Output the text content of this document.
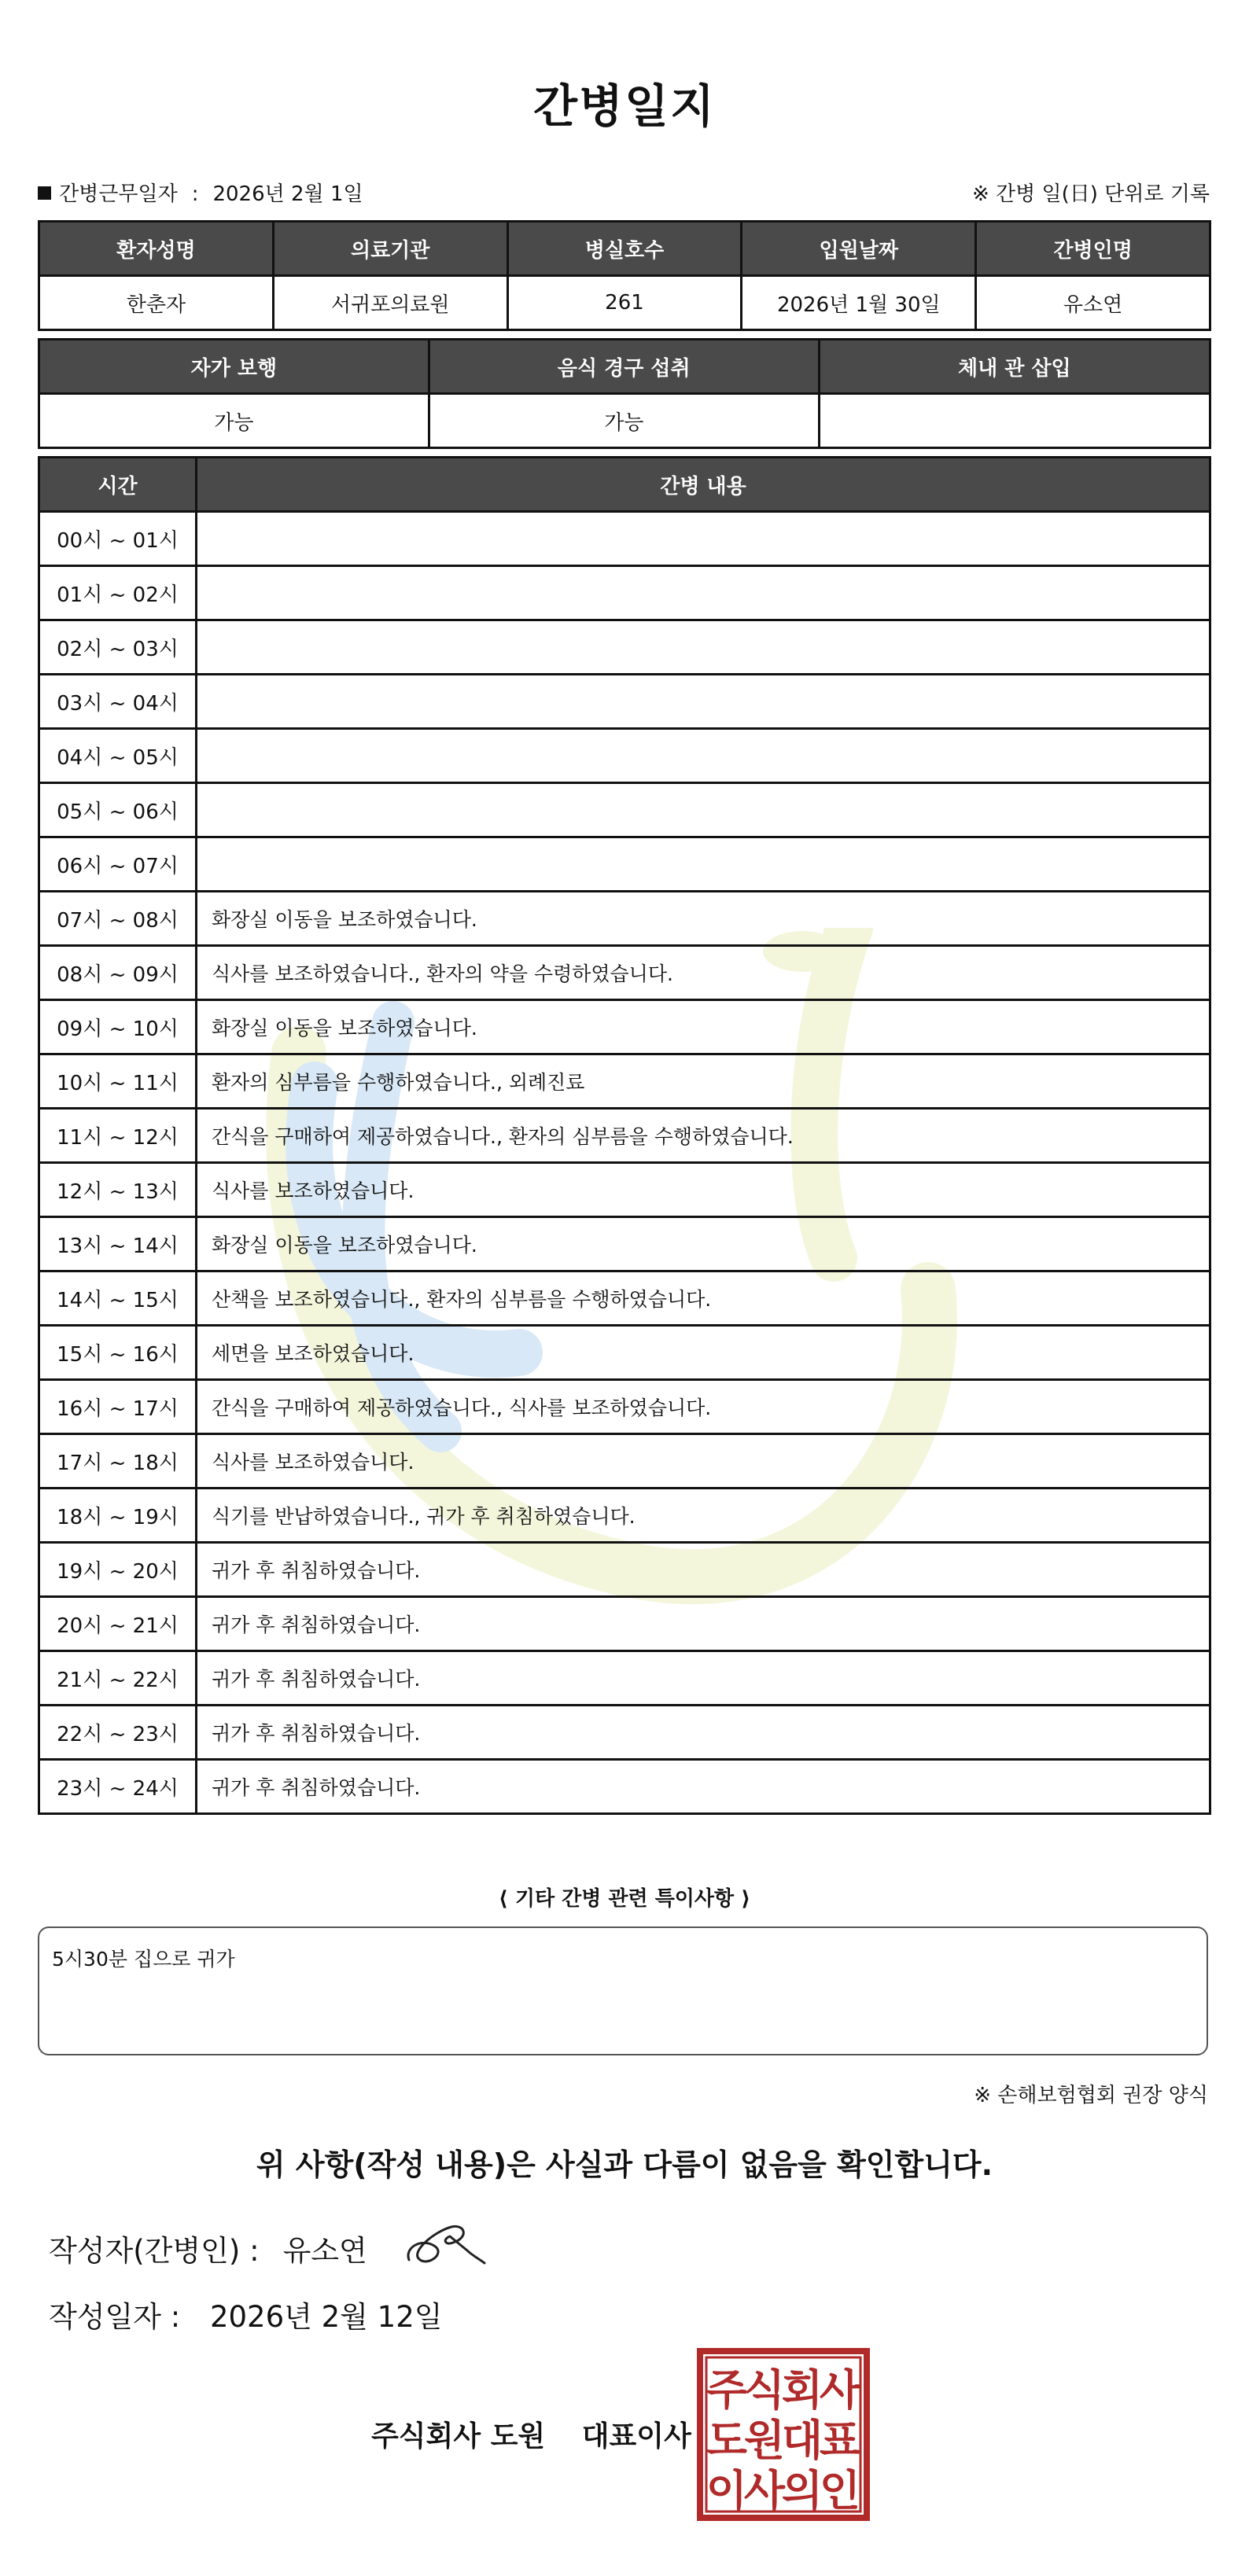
간병일지
간병근무일자 : 2026년 2월 1일	※ 간병 일(日) 단위로 기록
환자성명	의료기관	병실호수	입원날짜	간병인명
한춘자	서귀포의료원	261	2026년 1월 30일	유소연
자가 보행	음식 경구 섭취	체내 관 삽입
가능	가능	
시간	간병 내용
00시 ~ 01시	
01시 ~ 02시	
02시 ~ 03시	
03시 ~ 04시	
04시 ~ 05시	
05시 ~ 06시	
06시 ~ 07시	
07시 ~ 08시	화장실 이동을 보조하였습니다.
08시 ~ 09시	식사를 보조하였습니다., 환자의 약을 수령하였습니다.
09시 ~ 10시	화장실 이동을 보조하였습니다.
10시 ~ 11시	환자의 심부름을 수행하였습니다., 외례진료
11시 ~ 12시	간식을 구매하여 제공하였습니다., 환자의 심부름을 수행하였습니다.
12시 ~ 13시	식사를 보조하였습니다.
13시 ~ 14시	화장실 이동을 보조하였습니다.
14시 ~ 15시	산책을 보조하였습니다., 환자의 심부름을 수행하였습니다.
15시 ~ 16시	세면을 보조하였습니다.
16시 ~ 17시	간식을 구매하여 제공하였습니다., 식사를 보조하였습니다.
17시 ~ 18시	식사를 보조하였습니다.
18시 ~ 19시	식기를 반납하였습니다., 귀가 후 취침하였습니다.
19시 ~ 20시	귀가 후 취침하였습니다.
20시 ~ 21시	귀가 후 취침하였습니다.
21시 ~ 22시	귀가 후 취침하였습니다.
22시 ~ 23시	귀가 후 취침하였습니다.
23시 ~ 24시	귀가 후 취침하였습니다.
⟨ 기타 간병 관련 특이사항 ⟩
5시30분 집으로 귀가
※ 손해보험협회 권장 양식
위 사항(작성 내용)은 사실과 다름이 없음을 확인합니다.
작성자(간병인) : 유소연
작성일자 : 2026년 2월 12일
주식회사 도원 대표이사
주
식
회
사
도
원
대
표
이
사
의
인
